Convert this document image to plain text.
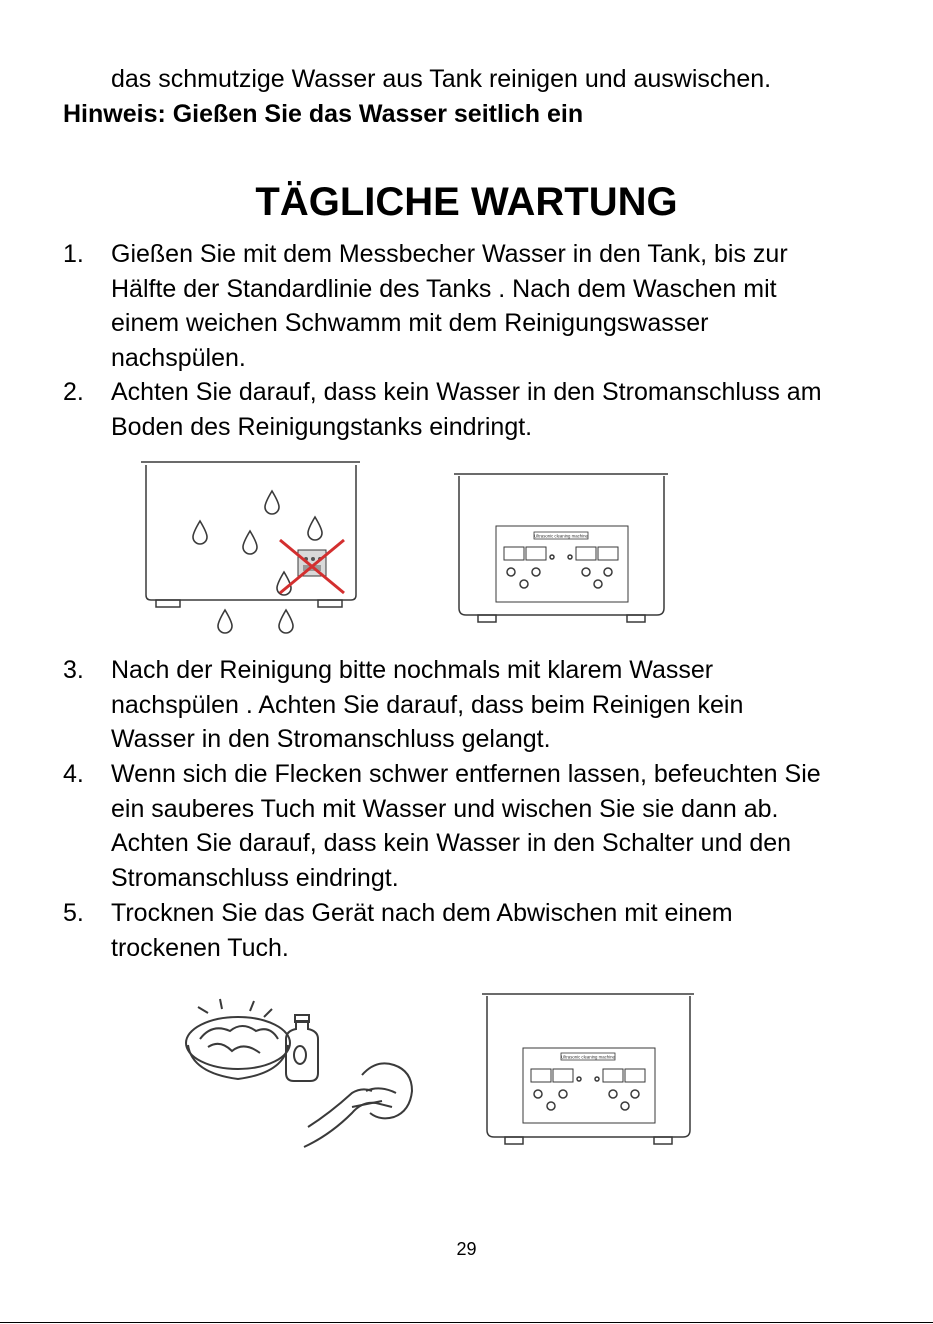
das schmutzige Wasser aus Tank reinigen und auswischen.
Hinweis: Gießen Sie das Wasser seitlich ein
TÄGLICHE WARTUNG
1. Gießen Sie mit dem Messbecher Wasser in den Tank, bis zur
Hälfte der Standardlinie des Tanks . Nach dem Waschen mit
einem weichen Schwamm mit dem Reinigungswasser
nachspülen.
2. Achten Sie darauf, dass kein Wasser in den Stromanschluss am
Boden des Reinigungstanks eindringt.
Ultrasonic cleaning machine
3. Nach der Reinigung bitte nochmals mit klarem Wasser
nachspülen . Achten Sie darauf, dass beim Reinigen kein
Wasser in den Stromanschluss gelangt.
4. Wenn sich die Flecken schwer entfernen lassen, befeuchten Sie
ein sauberes Tuch mit Wasser und wischen Sie sie dann ab.
Achten Sie darauf, dass kein Wasser in den Schalter und den
Stromanschluss eindringt.
5. Trocknen Sie das Gerät nach dem Abwischen mit einem
trockenen Tuch.
Ultrasonic cleaning machine
29
